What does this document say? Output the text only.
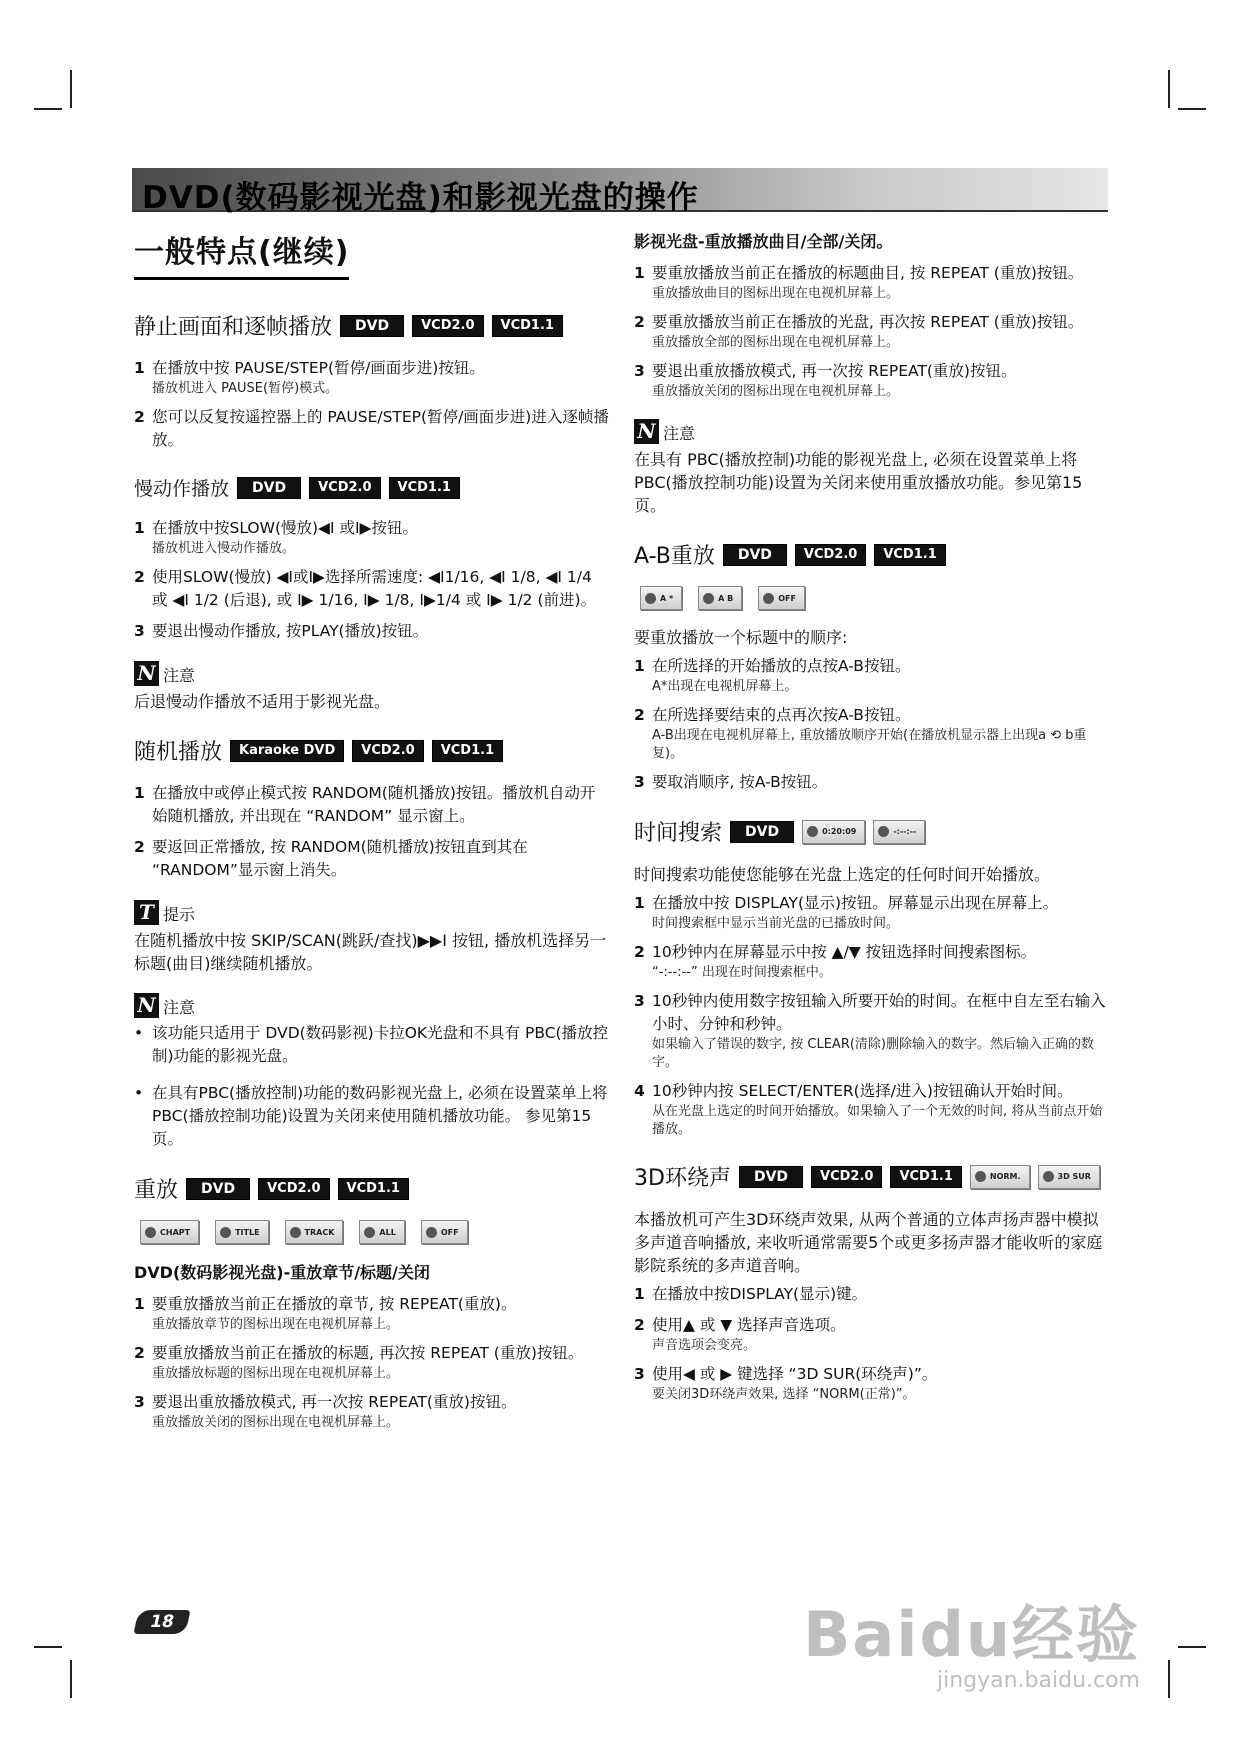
DVD(数码影视光盘)和影视光盘的操作
一般特点(继续)
静止画面和逐帧播放	DVD	VCD2.0	VCD1.1
1 在播放中按 PAUSE/STEP(暂停/画面步进)按钮。
播放机进入 PAUSE(暂停)模式。
2 您可以反复按遥控器上的 PAUSE/STEP(暂停/画面步进)进入逐帧播放。
慢动作播放	DVD	VCD2.0	VCD1.1
1 在播放中按SLOW(慢放)◀I 或I▶按钮。
播放机进入慢动作播放。
2 使用SLOW(慢放) ◀I或I▶选择所需速度: ◀I1/16, ◀I 1/8, ◀I 1/4 或 ◀I 1/2 (后退), 或 I▶ 1/16, I▶ 1/8, I▶1/4 或 I▶ 1/2 (前进)。
3 要退出慢动作播放, 按PLAY(播放)按钮。
N 注意
后退慢动作播放不适用于影视光盘。
随机播放	Karaoke DVD	VCD2.0	VCD1.1
1 在播放中或停止模式按 RANDOM(随机播放)按钮。播放机自动开始随机播放, 并出现在 “RANDOM” 显示窗上。
2 要返回正常播放, 按 RANDOM(随机播放)按钮直到其在 “RANDOM”显示窗上消失。
T 提示
在随机播放中按 SKIP/SCAN(跳跃/查找)▶▶I 按钮, 播放机选择另一标题(曲目)继续随机播放。
N 注意
• 该功能只适用于 DVD(数码影视)卡拉OK光盘和不具有 PBC(播放控制)功能的影视光盘。
• 在具有PBC(播放控制)功能的数码影视光盘上, 必须在设置菜单上将PBC(播放控制功能)设置为关闭来使用随机播放功能。 参见第15页。
重放	DVD	VCD2.0	VCD1.1
CHAPT	TITLE	TRACK	ALL	OFF
DVD(数码影视光盘)-重放章节/标题/关闭
1 要重放播放当前正在播放的章节, 按 REPEAT(重放)。
重放播放章节的图标出现在电视机屏幕上。
2 要重放播放当前正在播放的标题, 再次按 REPEAT (重放)按钮。
重放播放标题的图标出现在电视机屏幕上。
3 要退出重放播放模式, 再一次按 REPEAT(重放)按钮。
重放播放关闭的图标出现在电视机屏幕上。
影视光盘-重放播放曲目/全部/关闭。
1 要重放播放当前正在播放的标题曲目, 按 REPEAT (重放)按钮。
重放播放曲目的图标出现在电视机屏幕上。
2 要重放播放当前正在播放的光盘, 再次按 REPEAT (重放)按钮。
重放播放全部的图标出现在电视机屏幕上。
3 要退出重放播放模式, 再一次按 REPEAT(重放)按钮。
重放播放关闭的图标出现在电视机屏幕上。
N 注意
在具有 PBC(播放控制)功能的影视光盘上, 必须在设置菜单上将 PBC(播放控制功能)设置为关闭来使用重放播放功能。参见第15页。
A-B重放	DVD	VCD2.0	VCD1.1
A *	A B	OFF
要重放播放一个标题中的顺序:
1 在所选择的开始播放的点按A-B按钮。
A*出现在电视机屏幕上。
2 在所选择要结束的点再次按A-B按钮。
A-B出现在电视机屏幕上, 重放播放顺序开始(在播放机显示器上出现a ⟲ b重复)。
3 要取消顺序, 按A-B按钮。
时间搜索	DVD	0:20:09	-:--:--
时间搜索功能使您能够在光盘上选定的任何时间开始播放。
1 在播放中按 DISPLAY(显示)按钮。屏幕显示出现在屏幕上。
时间搜索框中显示当前光盘的已播放时间。
2 10秒钟内在屏幕显示中按 ▲/▼ 按钮选择时间搜索图标。
“-:--:--” 出现在时间搜索框中。
3 10秒钟内使用数字按钮输入所要开始的时间。在框中自左至右输入小时、分钟和秒钟。
如果输入了错误的数字, 按 CLEAR(清除)删除输入的数字。然后输入正确的数字。
4 10秒钟内按 SELECT/ENTER(选择/进入)按钮确认开始时间。
从在光盘上选定的时间开始播放。如果输入了一个无效的时间, 将从当前点开始播放。
3D环绕声	DVD	VCD2.0	VCD1.1	NORM.	3D SUR
本播放机可产生3D环绕声效果, 从两个普通的立体声扬声器中模拟多声道音响播放, 来收听通常需要5个或更多扬声器才能收听的家庭影院系统的多声道音响。
1 在播放中按DISPLAY(显示)键。
2 使用▲ 或 ▼ 选择声音选项。
声音选项会变亮。
3 使用◀ 或 ▶ 键选择 “3D SUR(环绕声)”。
要关闭3D环绕声效果, 选择 “NORM(正常)”。
18	Baidu经验
jingyan.baidu.com
